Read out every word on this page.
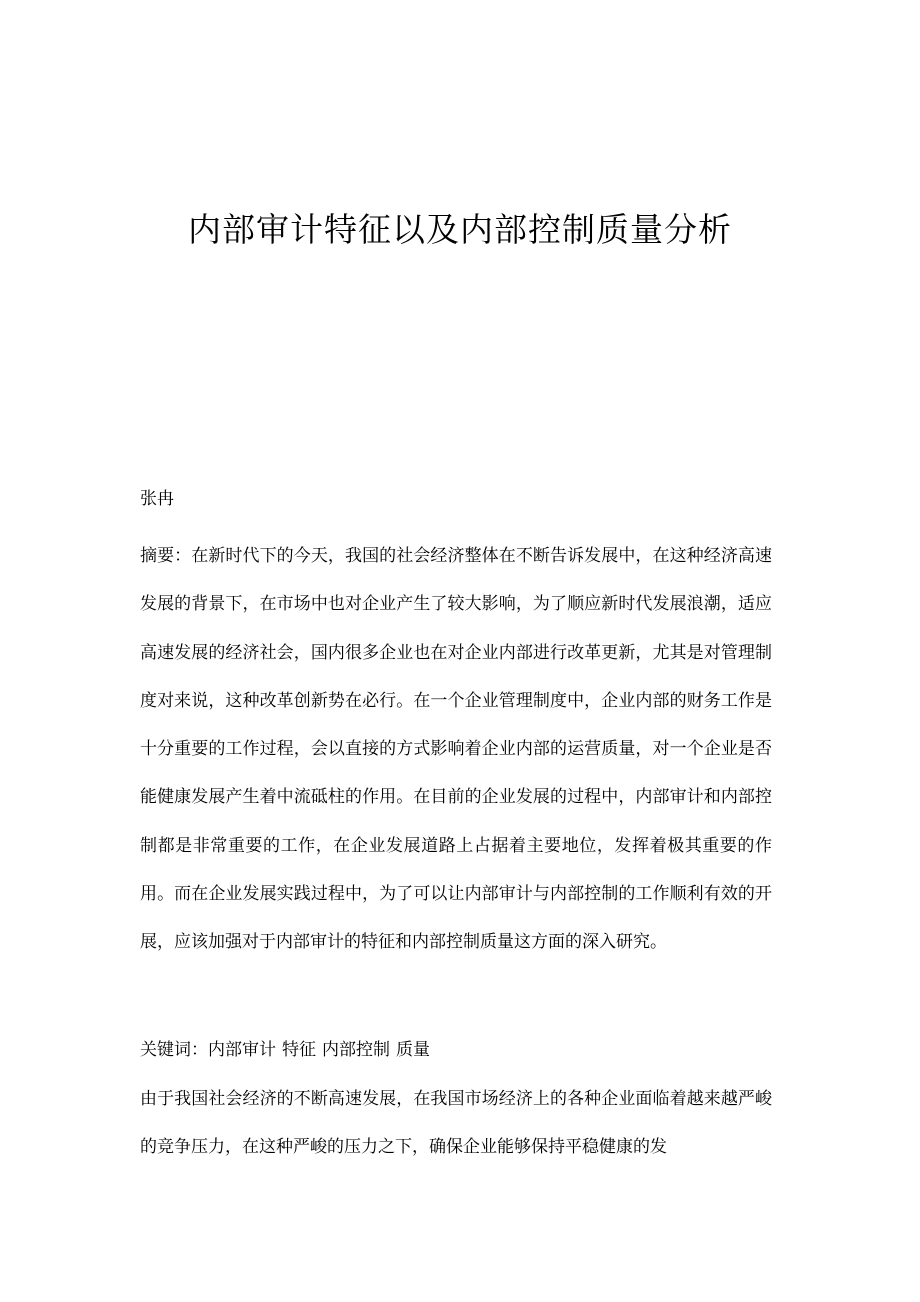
内部审计特征以及内部控制质量分析

张冉

摘要：在新时代下的今天，我国的社会经济整体在不断告诉发展中，在这种经济高速发展的背景下，在市场中也对企业产生了较大影响，为了顺应新时代发展浪潮，适应高速发展的经济社会，国内很多企业也在对企业内部进行改革更新，尤其是对管理制度对来说，这种改革创新势在必行。在一个企业管理制度中，企业内部的财务工作是十分重要的工作过程，会以直接的方式影响着企业内部的运营质量，对一个企业是否能健康发展产生着中流砥柱的作用。在目前的企业发展的过程中，内部审计和内部控制都是非常重要的工作，在企业发展道路上占据着主要地位，发挥着极其重要的作用。而在企业发展实践过程中，为了可以让内部审计与内部控制的工作顺利有效的开展，应该加强对于内部审计的特征和内部控制质量这方面的深入研究。

关键词：内部审计 特征 内部控制 质量

由于我国社会经济的不断高速发展，在我国市场经济上的各种企业面临着越来越严峻的竞争压力，在这种严峻的压力之下，确保企业能够保持平稳健康的发
